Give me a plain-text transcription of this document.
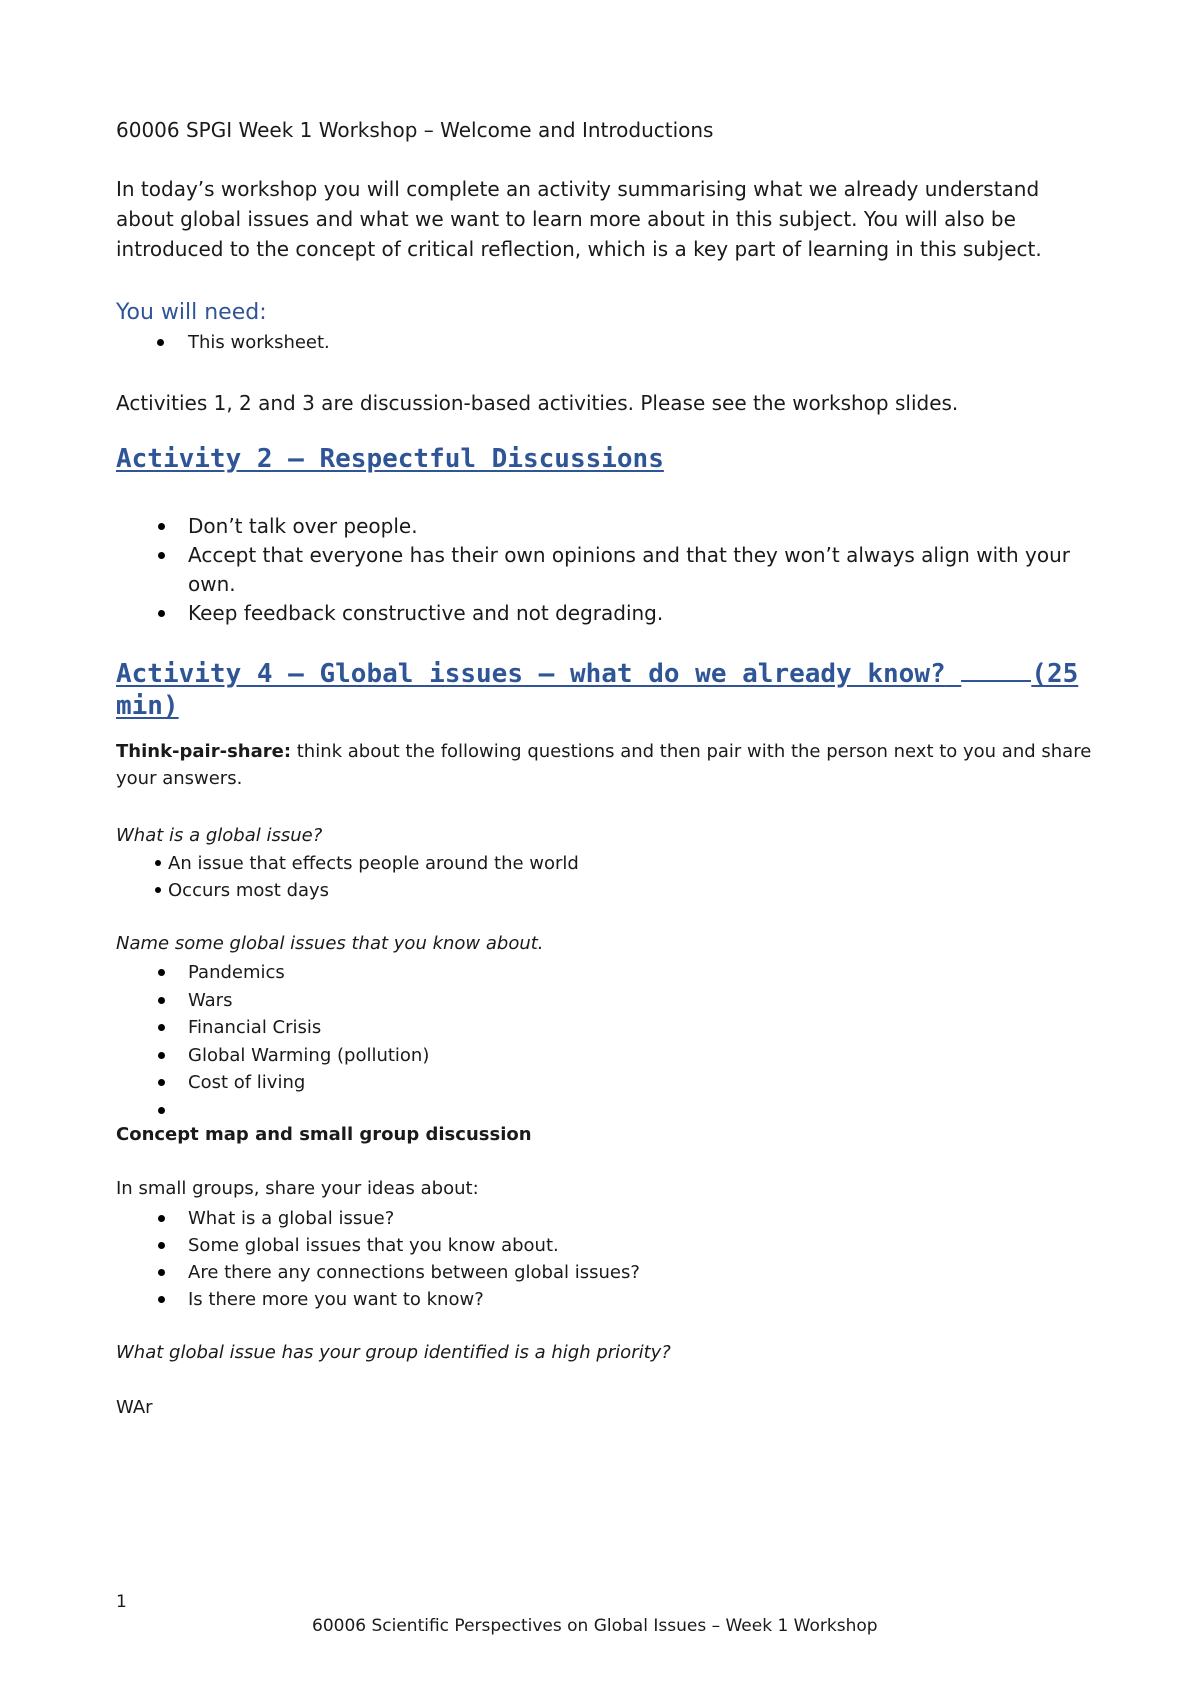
60006 SPGI Week 1 Workshop – Welcome and Introductions

In today’s workshop you will complete an activity summarising what we already understand about global issues and what we want to learn more about in this subject. You will also be introduced to the concept of critical reflection, which is a key part of learning in this subject.

You will need:

This worksheet.

Activities 1, 2 and 3 are discussion-based activities. Please see the workshop slides.

Activity 2 – Respectful Discussions

Don’t talk over people.
Accept that everyone has their own opinions and that they won’t always align with your
own.
Keep feedback constructive and not degrading.

Activity 4 – Global issues – what do we already know?	(25

min)

Think-pair-share: think about the following questions and then pair with the person next to you and share

your answers.

What is a global issue?

An issue that effects people around the world
Occurs most days

Name some global issues that you know about.

Pandemics
Wars
Financial Crisis
Global Warming (pollution)
Cost of living

Concept map and small group discussion

In small groups, share your ideas about:

What is a global issue?
Some global issues that you know about.
Are there any connections between global issues?
Is there more you want to know?

What global issue has your group identified is a high priority?

WAr

1

60006 Scientific Perspectives on Global Issues – Week 1 Workshop
